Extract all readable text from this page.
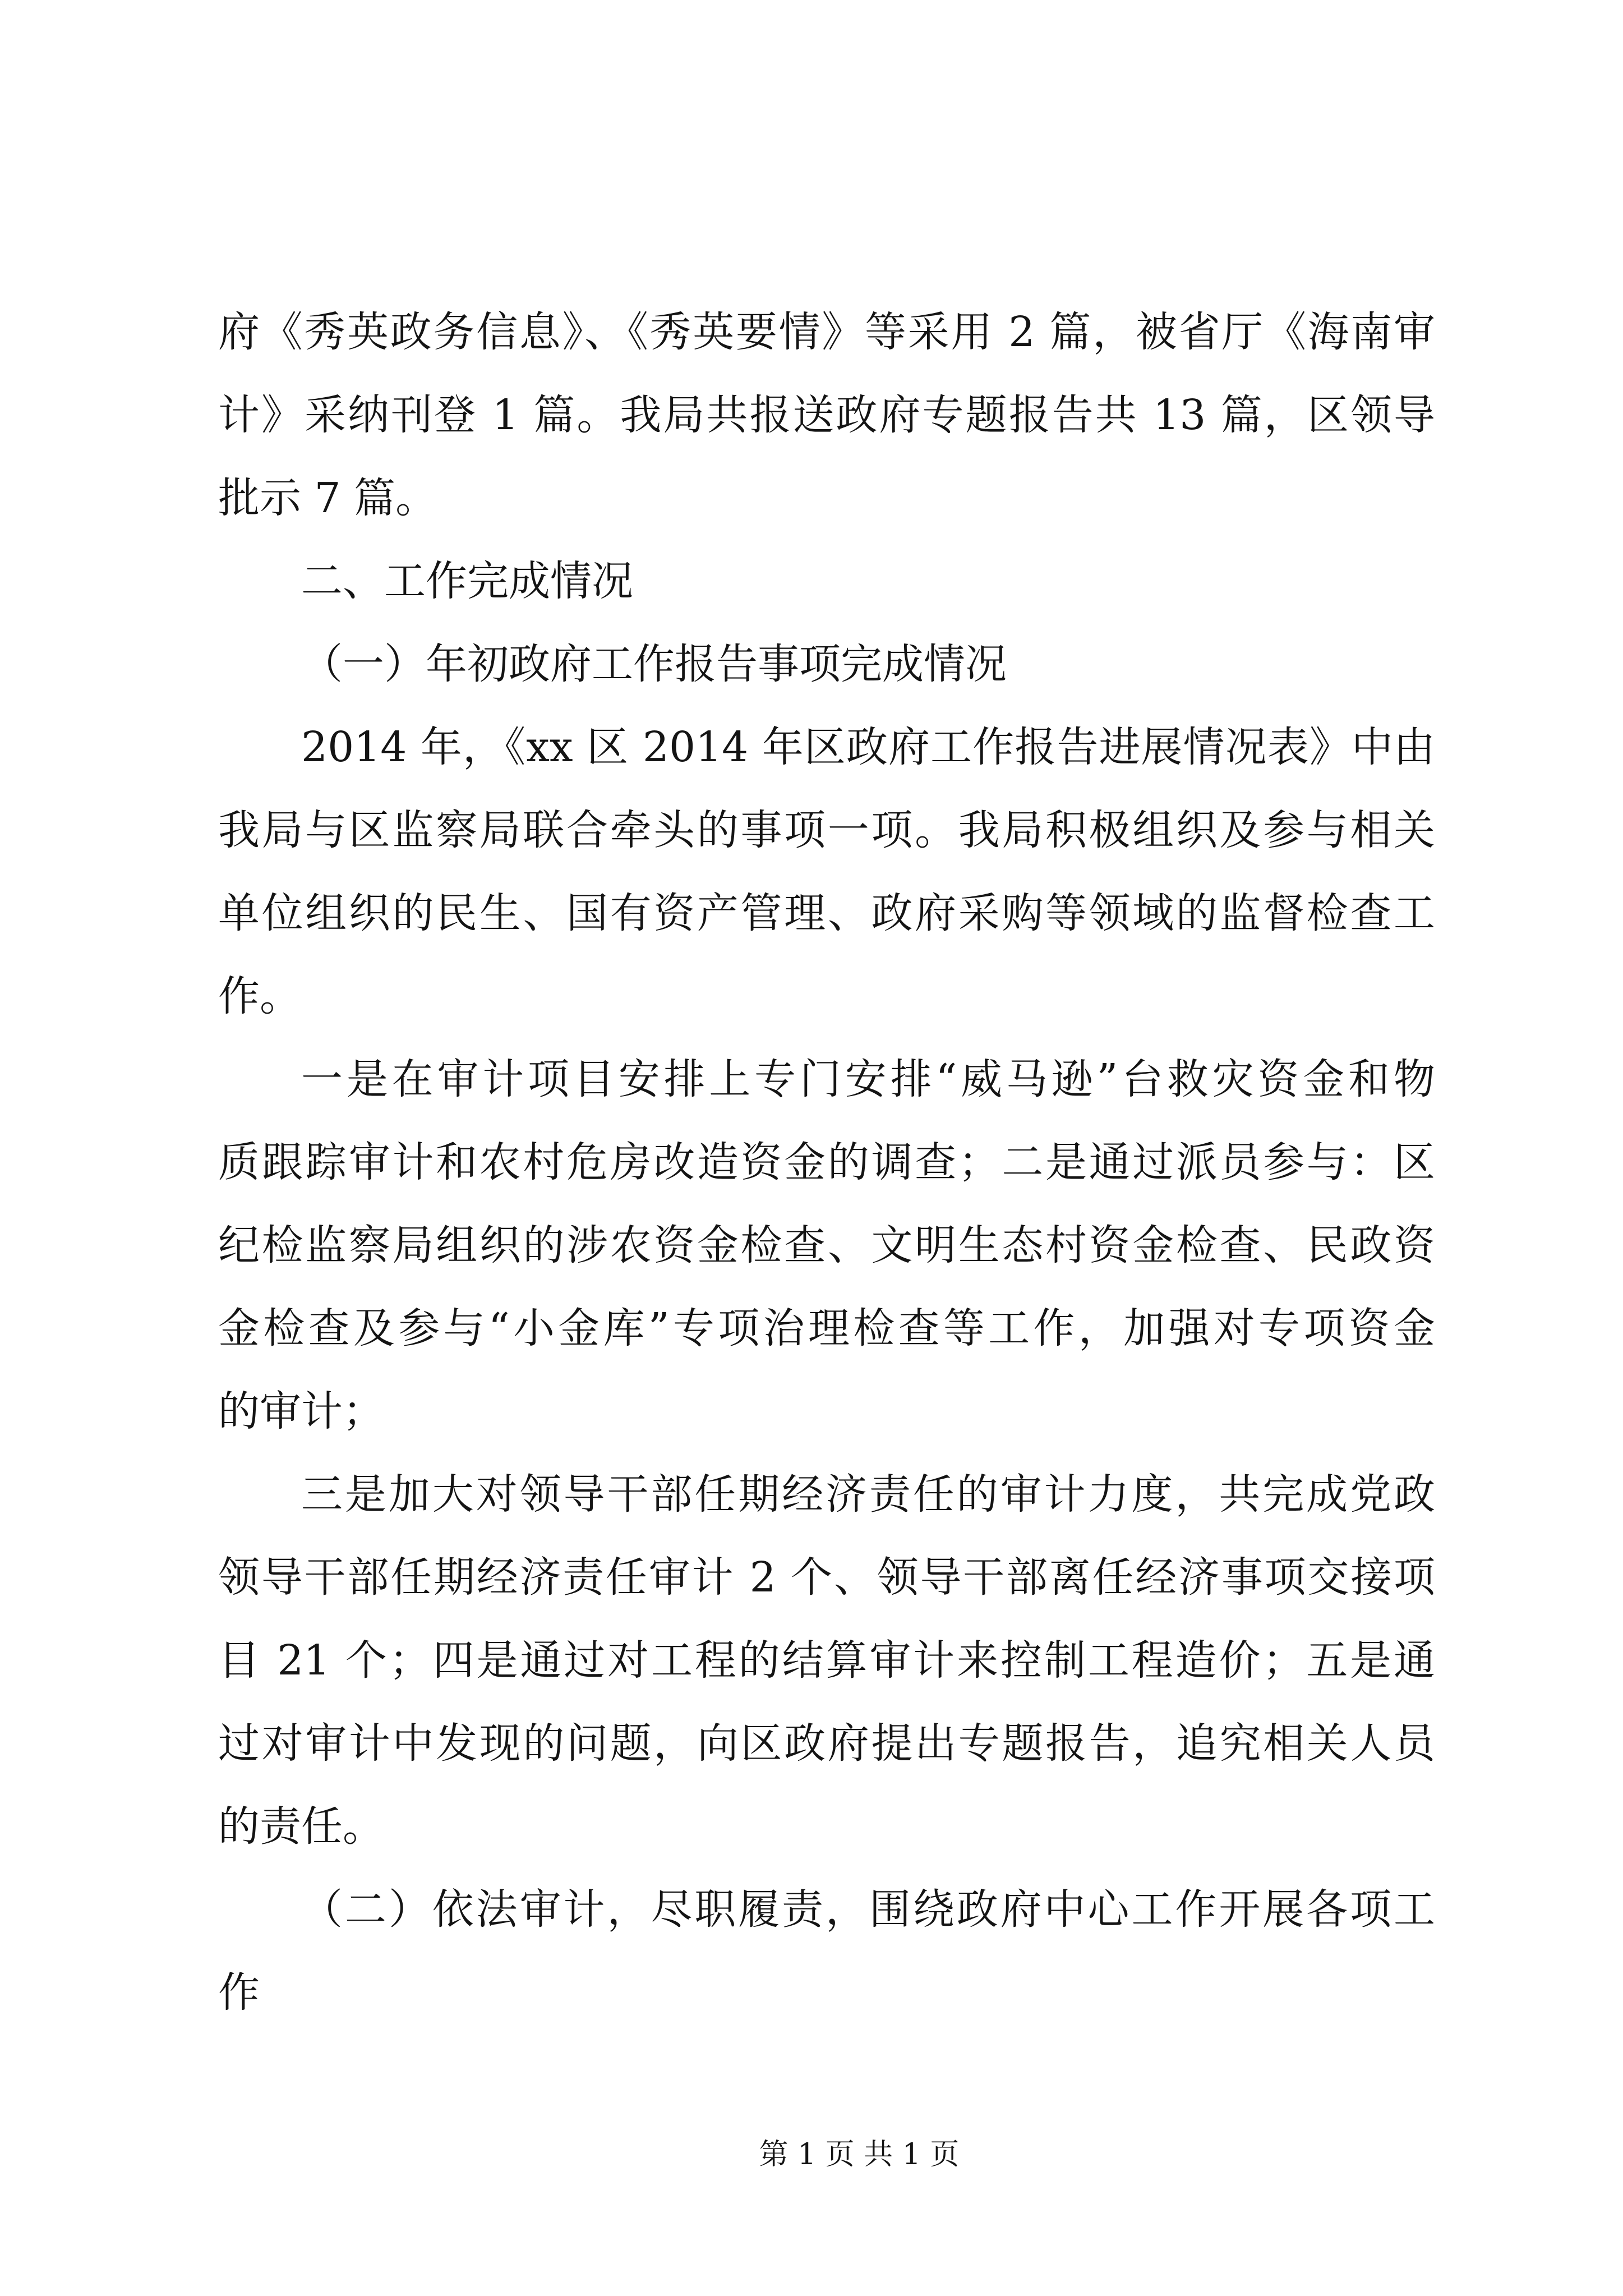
府《秀英政务信息》、《秀英要情》等采用 2 篇，被省厅《海南审
计》采纳刊登 1 篇。我局共报送政府专题报告共 13 篇，区领导
批示 7 篇。
二、工作完成情况
（一）年初政府工作报告事项完成情况
2014 年，《xx 区 2014 年区政府工作报告进展情况表》中由
我局与区监察局联合牵头的事项一项。我局积极组织及参与相关
单位组织的民生、国有资产管理、政府采购等领域的监督检查工
作。
一是在审计项目安排上专门安排“威马逊”台救灾资金和物
质跟踪审计和农村危房改造资金的调查；二是通过派员参与：区
纪检监察局组织的涉农资金检查、文明生态村资金检查、民政资
金检查及参与“小金库”专项治理检查等工作，加强对专项资金
的审计；
三是加大对领导干部任期经济责任的审计力度，共完成党政
领导干部任期经济责任审计 2 个、领导干部离任经济事项交接项
目 21 个；四是通过对工程的结算审计来控制工程造价；五是通
过对审计中发现的问题，向区政府提出专题报告，追究相关人员
的责任。
（二）依法审计，尽职履责，围绕政府中心工作开展各项工
作
第 1 页 共 1 页
